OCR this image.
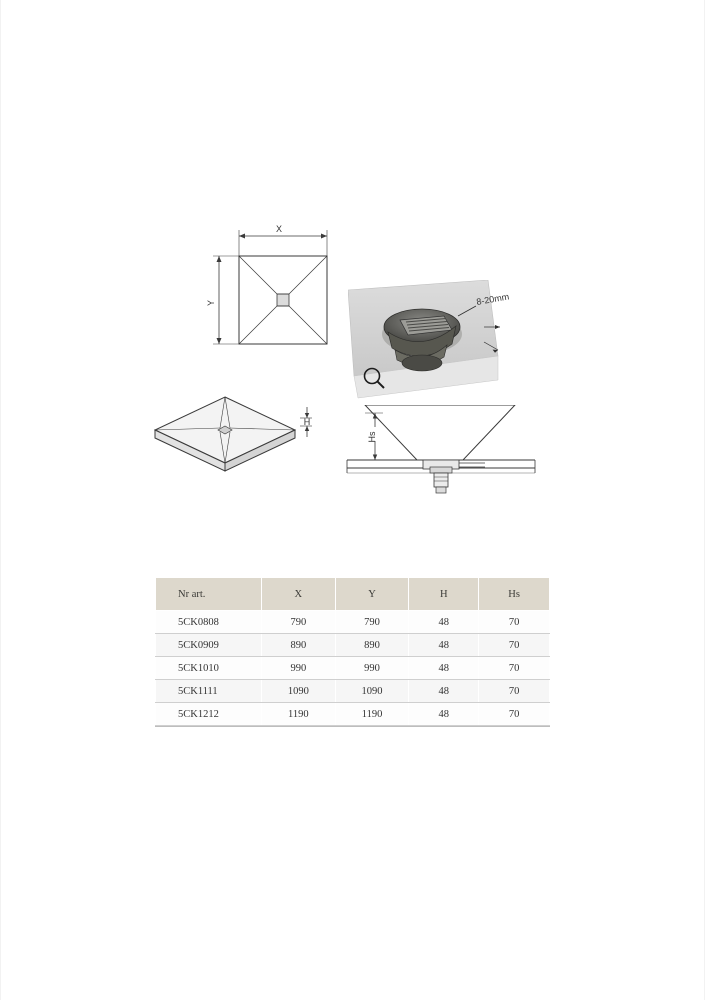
X
Y
H
8-20mm
Hs
Nr art.	X	Y	H	Hs
5CK0808	790	790	48	70
5CK0909	890	890	48	70
5CK1010	990	990	48	70
5CK1111	1090	1090	48	70
5CK1212	1190	1190	48	70
